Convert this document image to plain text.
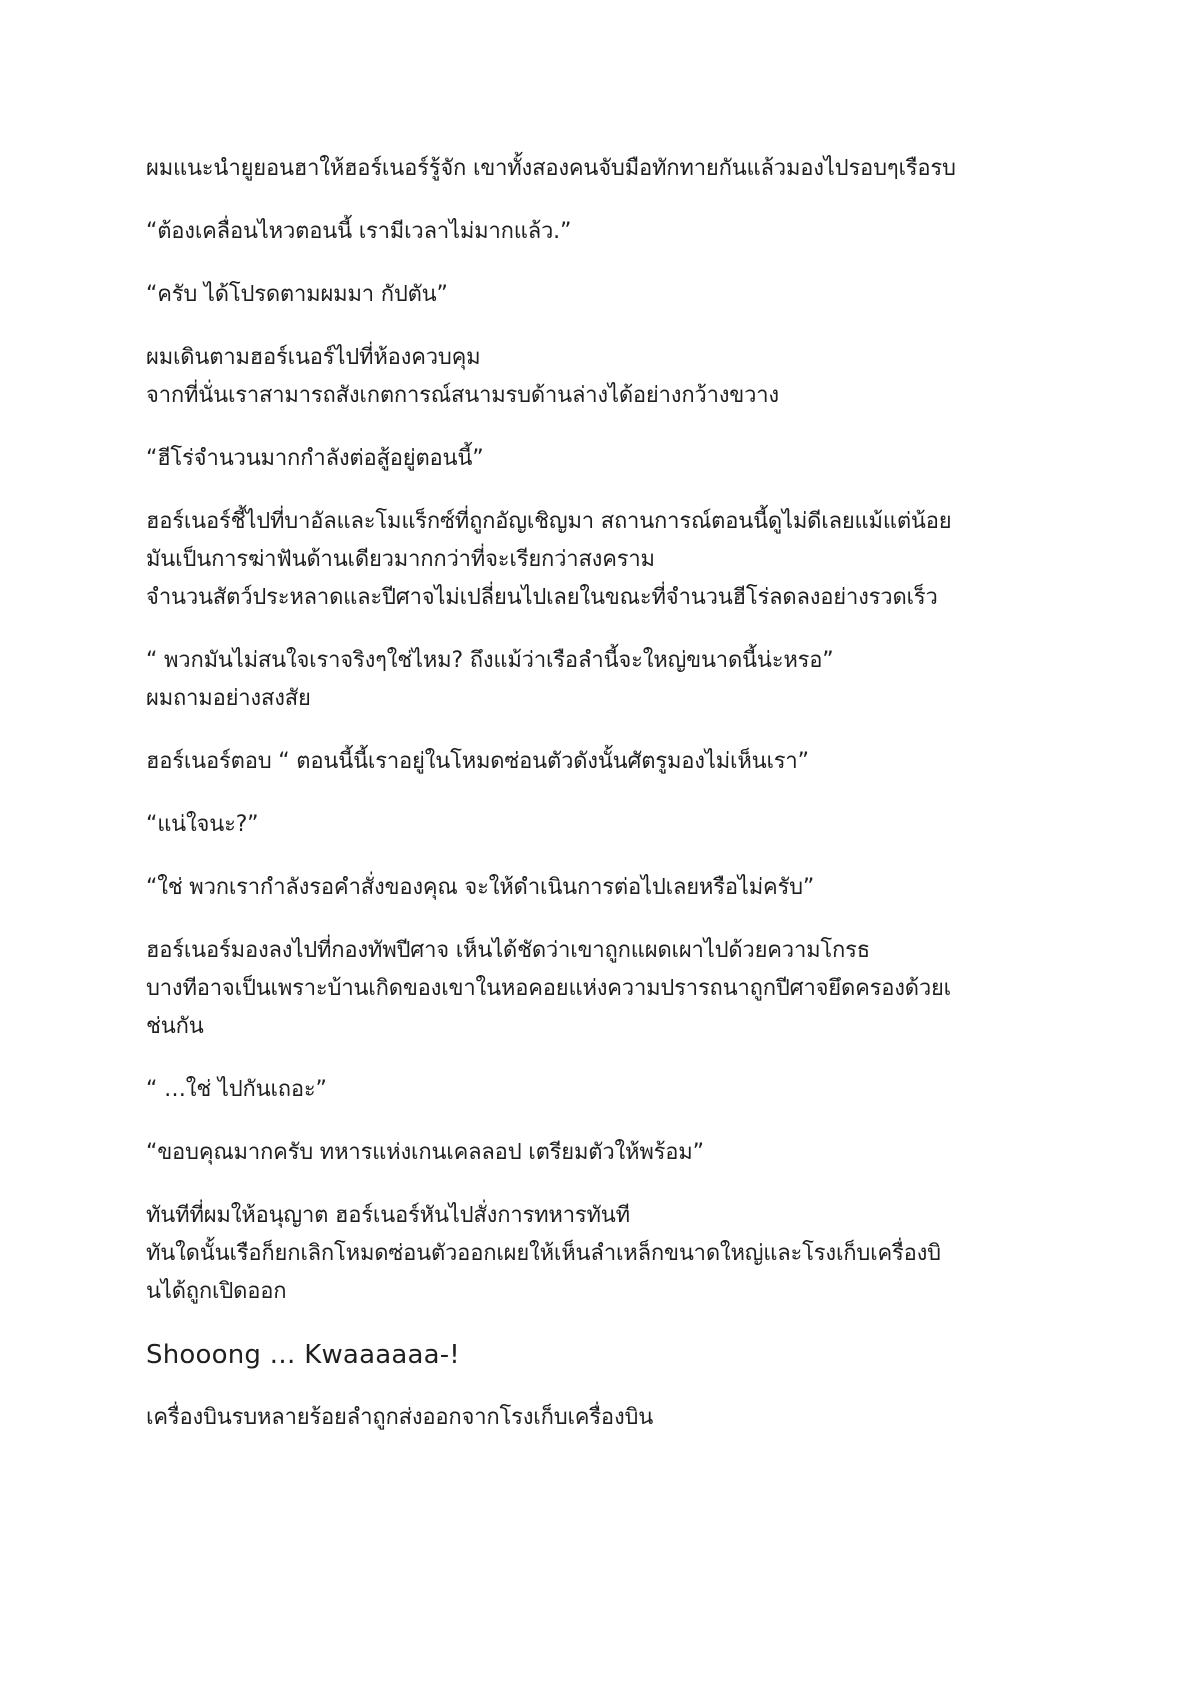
ผมแนะนำยูยอนฮาให้ฮอร์เนอร์รู้จัก เขาทั้งสองคนจับมือทักทายกันแล้วมองไปรอบๆเรือรบ

“ต้องเคลื่อนไหวตอนนี้ เรามีเวลาไม่มากแล้ว.”

“ครับ ได้โปรดตามผมมา กัปตัน”

ผมเดินตามฮอร์เนอร์ไปที่ห้องควบคุม
จากที่นั่นเราสามารถสังเกตการณ์สนามรบด้านล่างได้อย่างกว้างขวาง

“ฮีโร่จำนวนมากกำลังต่อสู้อยู่ตอนนี้”

ฮอร์เนอร์ชี้ไปที่บาอัลและโมแร็กซ์ที่ถูกอัญเชิญมา สถานการณ์ตอนนี้ดูไม่ดีเลยแม้แต่น้อย
มันเป็นการฆ่าฟันด้านเดียวมากกว่าที่จะเรียกว่าสงคราม
จำนวนสัตว์ประหลาดและปีศาจไม่เปลี่ยนไปเลยในขณะที่จำนวนฮีโร่ลดลงอย่างรวดเร็ว

“ พวกมันไม่สนใจเราจริงๆใช่ไหม? ถึงแม้ว่าเรือลำนี้จะใหญ่ขนาดนี้น่ะหรอ”
ผมถามอย่างสงสัย

ฮอร์เนอร์ตอบ “ ตอนนี้นี้เราอยู่ในโหมดซ่อนตัวดังนั้นศัตรูมองไม่เห็นเรา”

“แน่ใจนะ?”

“ใช่ พวกเรากำลังรอคำสั่งของคุณ จะให้ดำเนินการต่อไปเลยหรือไม่ครับ”

ฮอร์เนอร์มองลงไปที่กองทัพปีศาจ เห็นได้ชัดว่าเขาถูกแผดเผาไปด้วยความโกรธ
บางทีอาจเป็นเพราะบ้านเกิดของเขาในหอคอยแห่งความปรารถนาถูกปีศาจยึดครองด้วยเ
ช่นกัน

“ …ใช่ ไปกันเถอะ”

“ขอบคุณมากครับ ทหารแห่งเกนเคลลอป เตรียมตัวให้พร้อม”

ทันทีที่ผมให้อนุญาต ฮอร์เนอร์หันไปสั่งการทหารทันที
ทันใดนั้นเรือก็ยกเลิกโหมดซ่อนตัวออกเผยให้เห็นลำเหล็กขนาดใหญ่และโรงเก็บเครื่องบิ
นได้ถูกเปิดออก

Shooong … Kwaaaaaa-!

เครื่องบินรบหลายร้อยลำถูกส่งออกจากโรงเก็บเครื่องบิน
